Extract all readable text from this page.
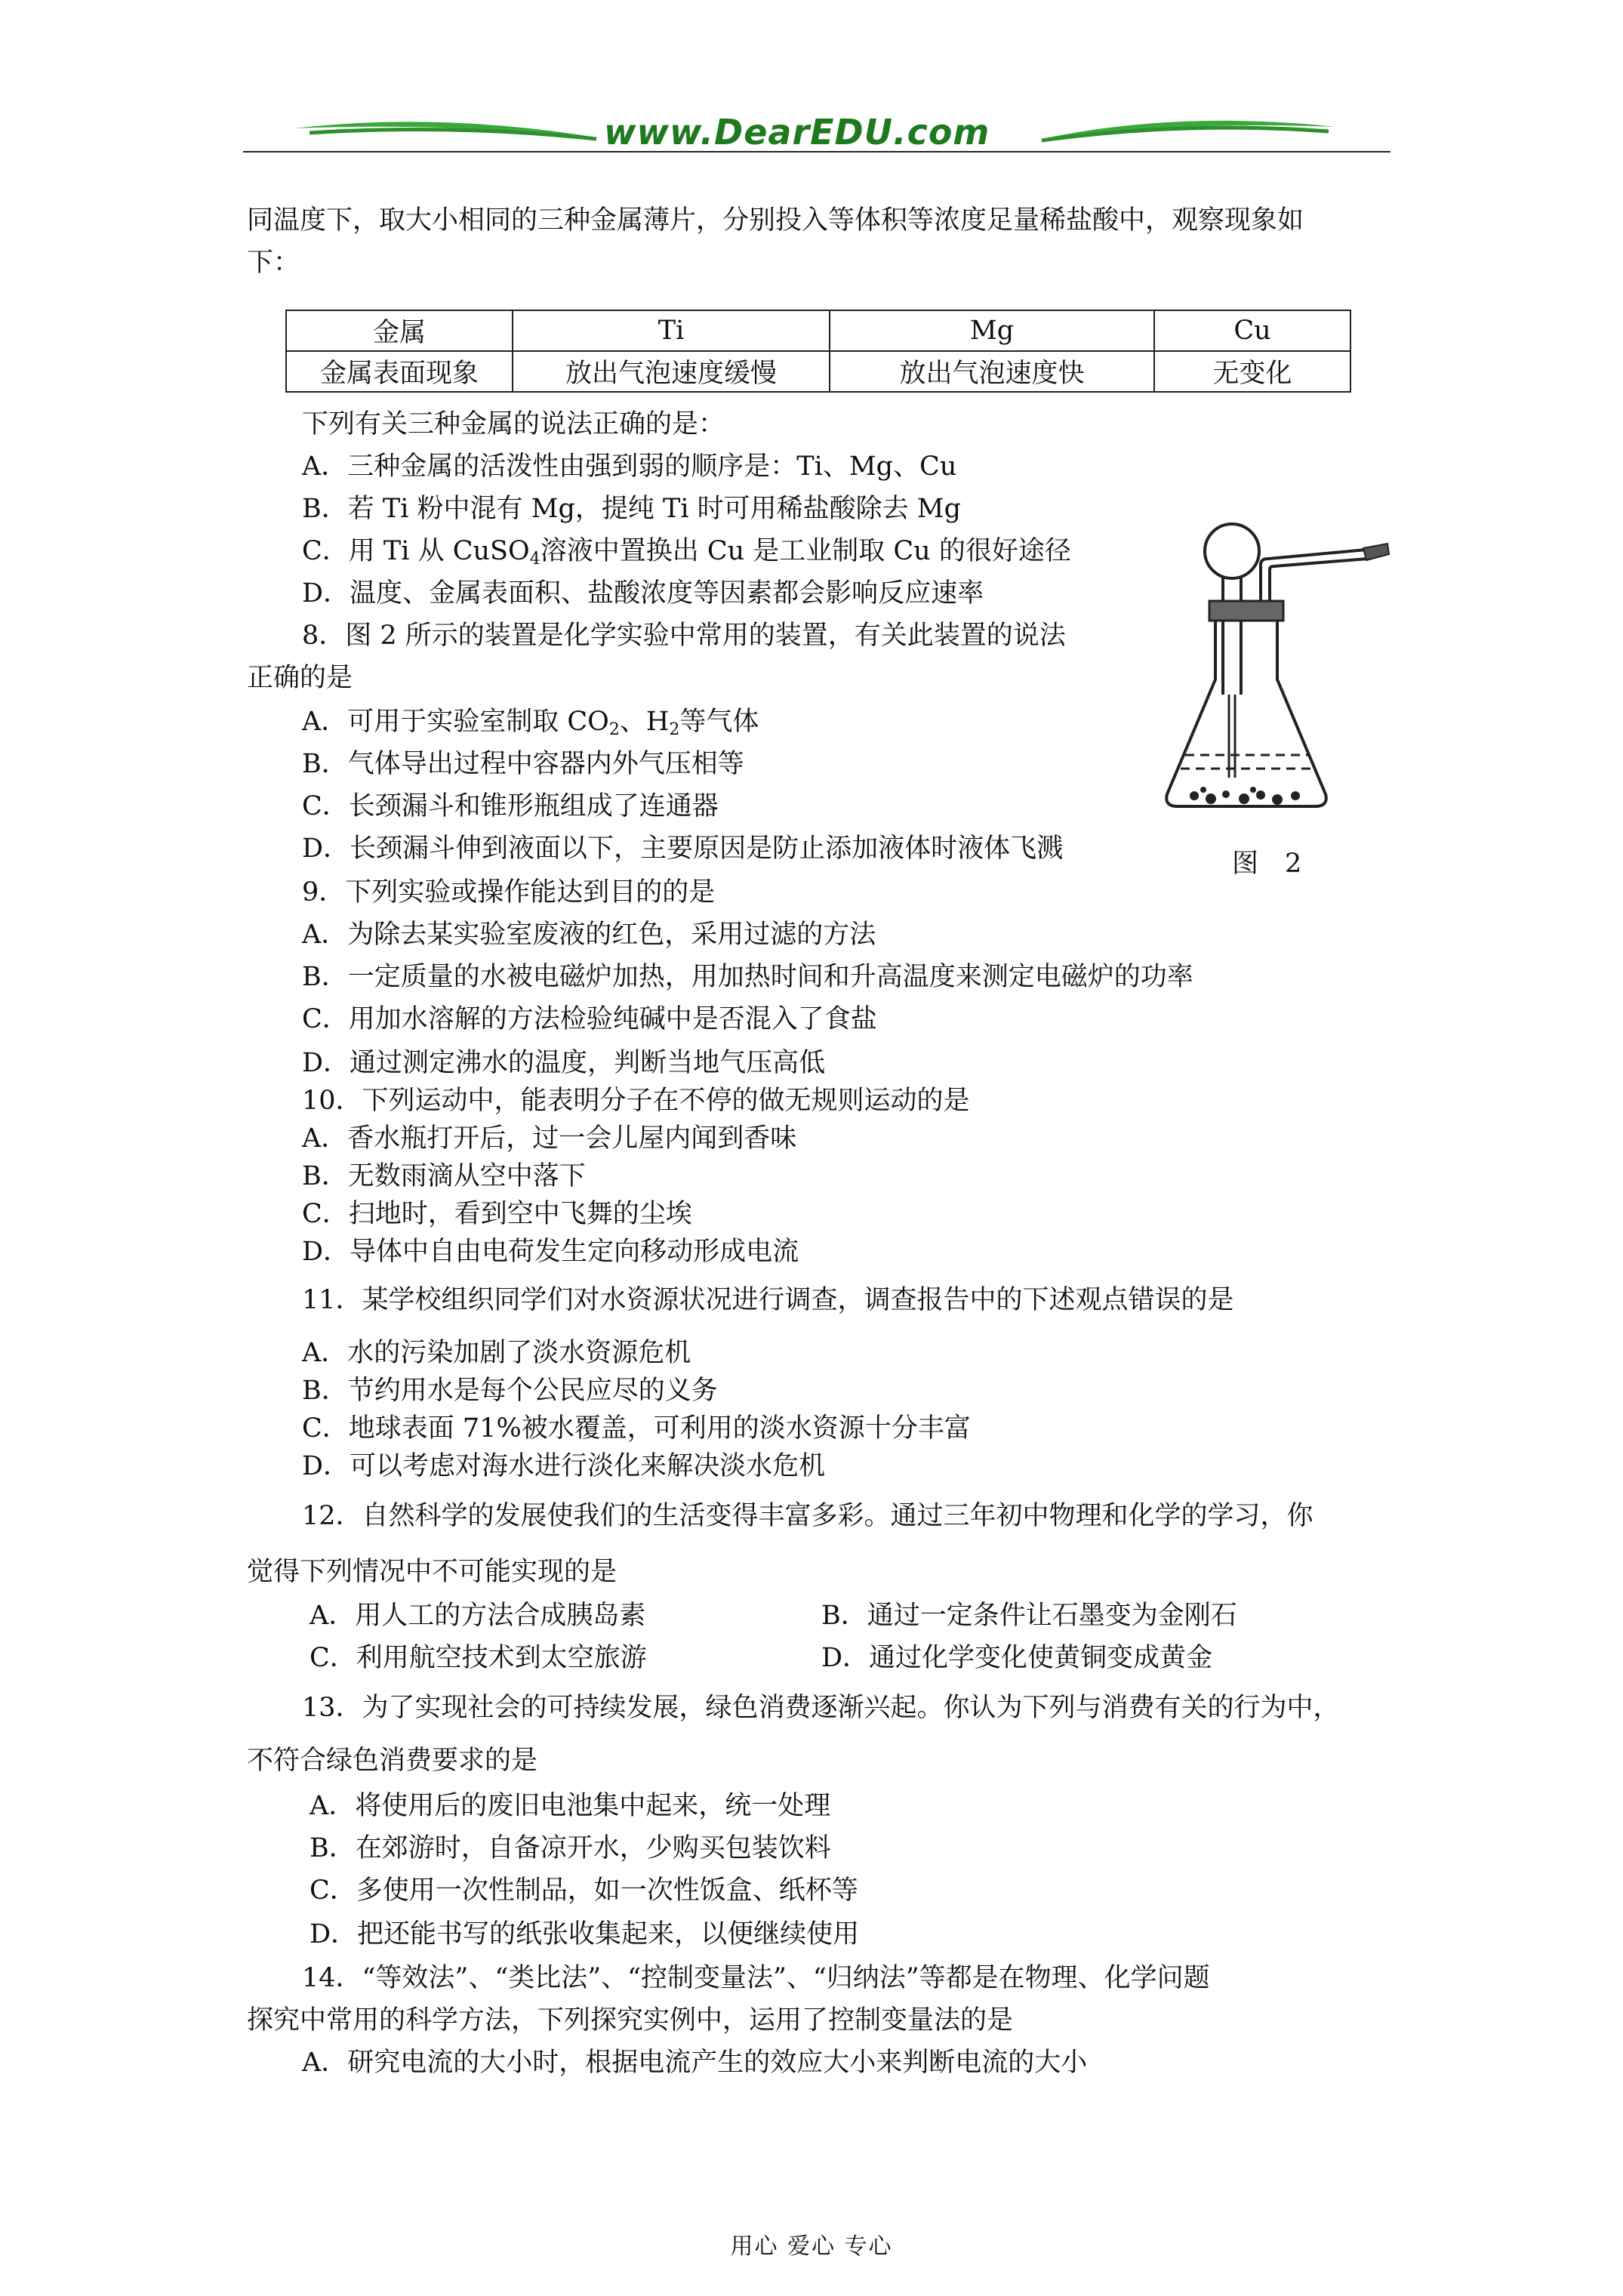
www.DearEDU.com
同温度下，取大小相同的三种金属薄片，分别投入等体积等浓度足量稀盐酸中，观察现象如
下：
金属	Ti	Mg	Cu
金属表面现象	放出气泡速度缓慢	放出气泡速度快	无变化
下列有关三种金属的说法正确的是：
A．三种金属的活泼性由强到弱的顺序是：Ti、Mg、Cu
B．若 Ti 粉中混有 Mg，提纯 Ti 时可用稀盐酸除去 Mg
C．用 Ti 从 CuSO$_4$溶液中置换出 Cu 是工业制取 Cu 的很好途径
D．温度、金属表面积、盐酸浓度等因素都会影响反应速率
8．图 2 所示的装置是化学实验中常用的装置，有关此装置的说法
正确的是
A．可用于实验室制取 $CO_2$、$H_2$等气体
B．气体导出过程中容器内外气压相等
C．长颈漏斗和锥形瓶组成了连通器
D．长颈漏斗伸到液面以下，主要原因是防止添加液体时液体飞溅	图　2
9．下列实验或操作能达到目的的是
A．为除去某实验室废液的红色，采用过滤的方法
B．一定质量的水被电磁炉加热，用加热时间和升高温度来测定电磁炉的功率
C．用加水溶解的方法检验纯碱中是否混入了食盐
D．通过测定沸水的温度，判断当地气压高低
10．下列运动中，能表明分子在不停的做无规则运动的是
A．香水瓶打开后，过一会儿屋内闻到香味
B．无数雨滴从空中落下
C．扫地时，看到空中飞舞的尘埃
D．导体中自由电荷发生定向移动形成电流
11．某学校组织同学们对水资源状况进行调查，调查报告中的下述观点错误的是
A．水的污染加剧了淡水资源危机
B．节约用水是每个公民应尽的义务
C．地球表面 71%被水覆盖，可利用的淡水资源十分丰富
D．可以考虑对海水进行淡化来解决淡水危机
12．自然科学的发展使我们的生活变得丰富多彩。通过三年初中物理和化学的学习，你
觉得下列情况中不可能实现的是
A．用人工的方法合成胰岛素	B．通过一定条件让石墨变为金刚石
C．利用航空技术到太空旅游	D．通过化学变化使黄铜变成黄金
13．为了实现社会的可持续发展，绿色消费逐渐兴起。你认为下列与消费有关的行为中，
不符合绿色消费要求的是
A．将使用后的废旧电池集中起来，统一处理
B．在郊游时，自备凉开水，少购买包装饮料
C．多使用一次性制品，如一次性饭盒、纸杯等
D．把还能书写的纸张收集起来，以便继续使用
14．“等效法”、“类比法”、“控制变量法”、“归纳法”等都是在物理、化学问题
探究中常用的科学方法，下列探究实例中，运用了控制变量法的是
A．研究电流的大小时，根据电流产生的效应大小来判断电流的大小
用心 爱心 专心
